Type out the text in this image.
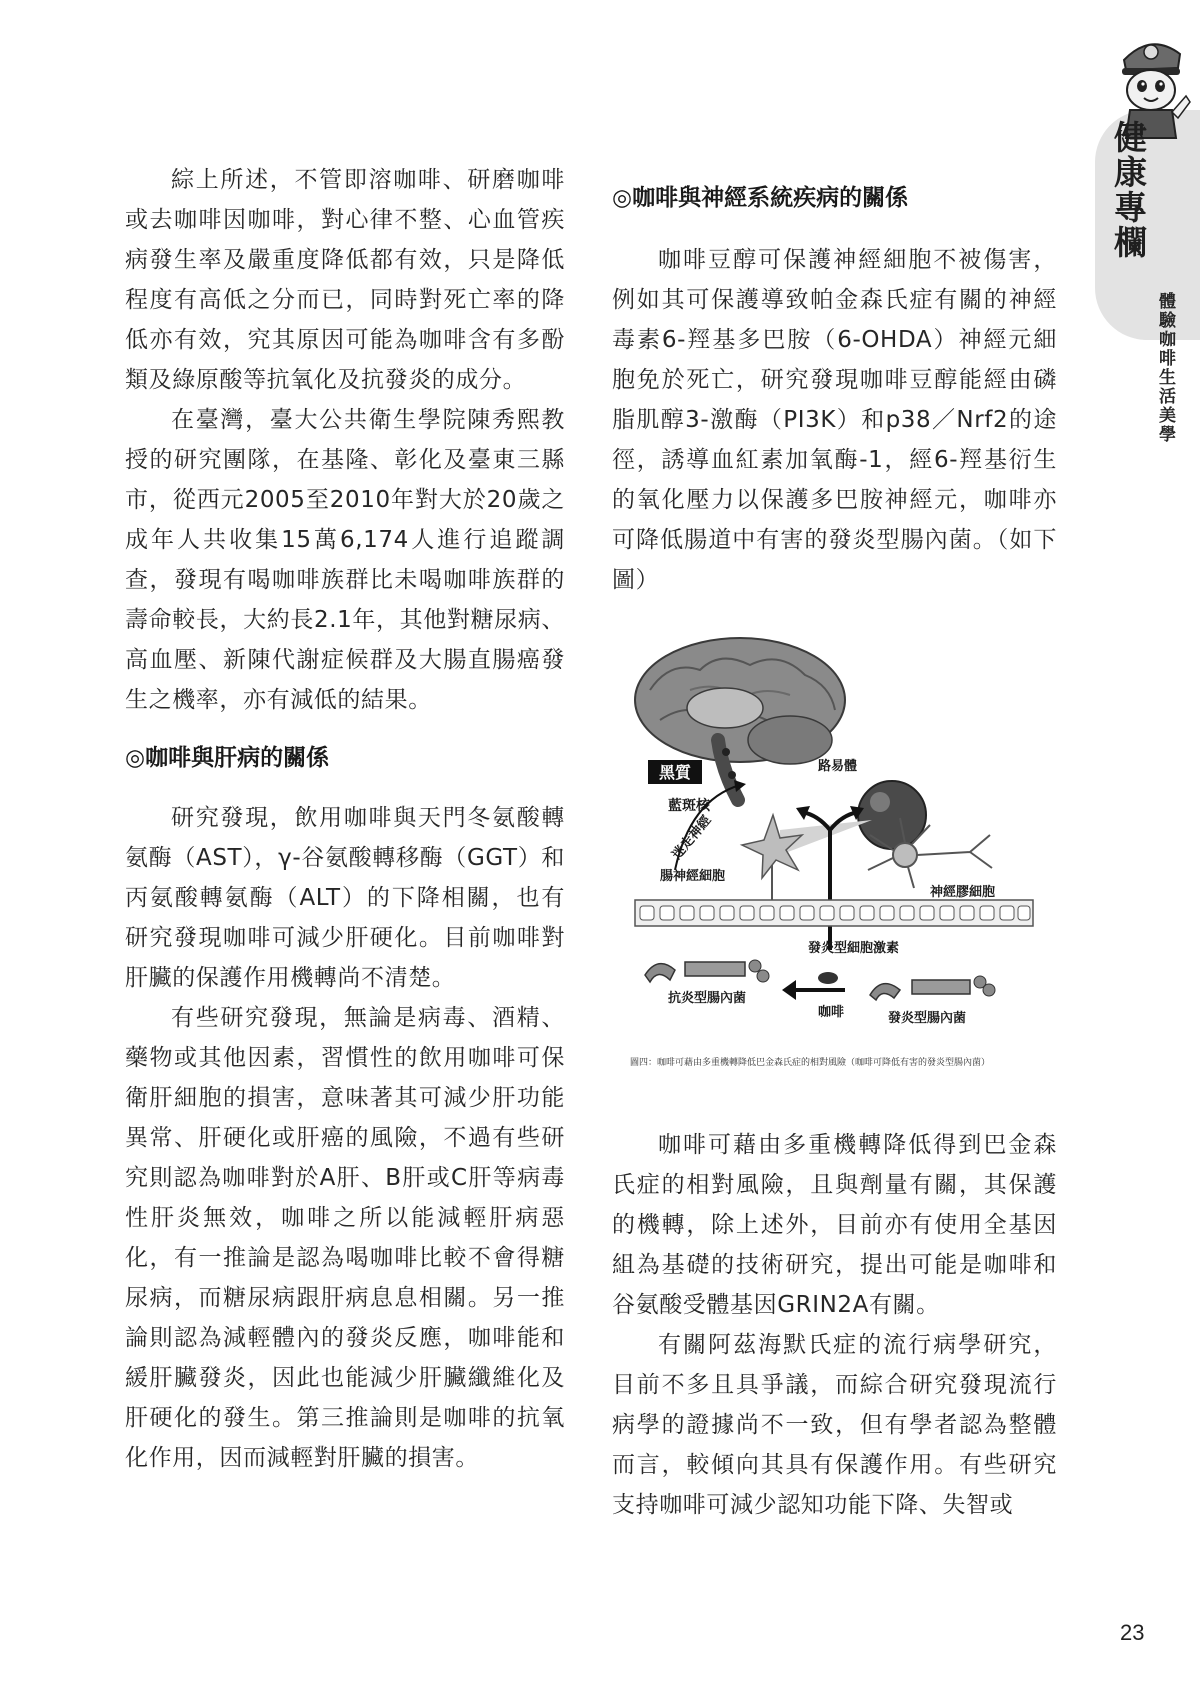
健康專欄
體驗咖啡生活美學

綜上所述，不管即溶咖啡、研磨咖啡或去咖啡因咖啡，對心律不整、心血管疾病發生率及嚴重度降低都有效，只是降低程度有高低之分而已，同時對死亡率的降低亦有效，究其原因可能為咖啡含有多酚類及綠原酸等抗氧化及抗發炎的成分。

在臺灣，臺大公共衛生學院陳秀熙教授的研究團隊，在基隆、彰化及臺東三縣市，從西元2005至2010年對大於20歲之成年人共收集15萬6,174人進行追蹤調查，發現有喝咖啡族群比未喝咖啡族群的壽命較長，大約長2.1年，其他對糖尿病、高血壓、新陳代謝症候群及大腸直腸癌發生之機率，亦有減低的結果。

◎咖啡與肝病的關係

研究發現，飲用咖啡與天門冬氨酸轉氨酶（AST），γ-谷氨酸轉移酶（GGT）和丙氨酸轉氨酶（ALT）的下降相關，也有研究發現咖啡可減少肝硬化。目前咖啡對肝臟的保護作用機轉尚不清楚。

有些研究發現，無論是病毒、酒精、藥物或其他因素，習慣性的飲用咖啡可保衛肝細胞的損害，意味著其可減少肝功能異常、肝硬化或肝癌的風險，不過有些研究則認為咖啡對於A肝、B肝或C肝等病毒性肝炎無效，咖啡之所以能減輕肝病惡化，有一推論是認為喝咖啡比較不會得糖尿病，而糖尿病跟肝病息息相關。另一推論則認為減輕體內的發炎反應，咖啡能和緩肝臟發炎，因此也能減少肝臟纖維化及肝硬化的發生。第三推論則是咖啡的抗氧化作用，因而減輕對肝臟的損害。

◎咖啡與神經系統疾病的關係

咖啡豆醇可保護神經細胞不被傷害，例如其可保護導致帕金森氏症有關的神經毒素6-羥基多巴胺（6-OHDA）神經元細胞免於死亡，研究發現咖啡豆醇能經由磷脂肌醇3-激酶（PI3K）和p38／Nrf2的途徑，誘導血紅素加氧酶-1，經6-羥基衍生的氧化壓力以保護多巴胺神經元，咖啡亦可降低腸道中有害的發炎型腸內菌。（如下圖）

黑質
藍斑核
路易體
迷走神經
腸神經細胞
發炎型細胞激素
神經膠細胞
抗炎型腸內菌
咖啡	發炎型腸內菌
圖四：咖啡可藉由多重機轉降低巴金森氏症的相對風險（咖啡可降低有害的發炎型腸內菌）

咖啡可藉由多重機轉降低得到巴金森氏症的相對風險，且與劑量有關，其保護的機轉，除上述外，目前亦有使用全基因組為基礎的技術研究，提出可能是咖啡和谷氨酸受體基因GRIN2A有關。

有關阿茲海默氏症的流行病學研究，目前不多且具爭議，而綜合研究發現流行病學的證據尚不一致，但有學者認為整體而言，較傾向其具有保護作用。有些研究支持咖啡可減少認知功能下降、失智或

23
